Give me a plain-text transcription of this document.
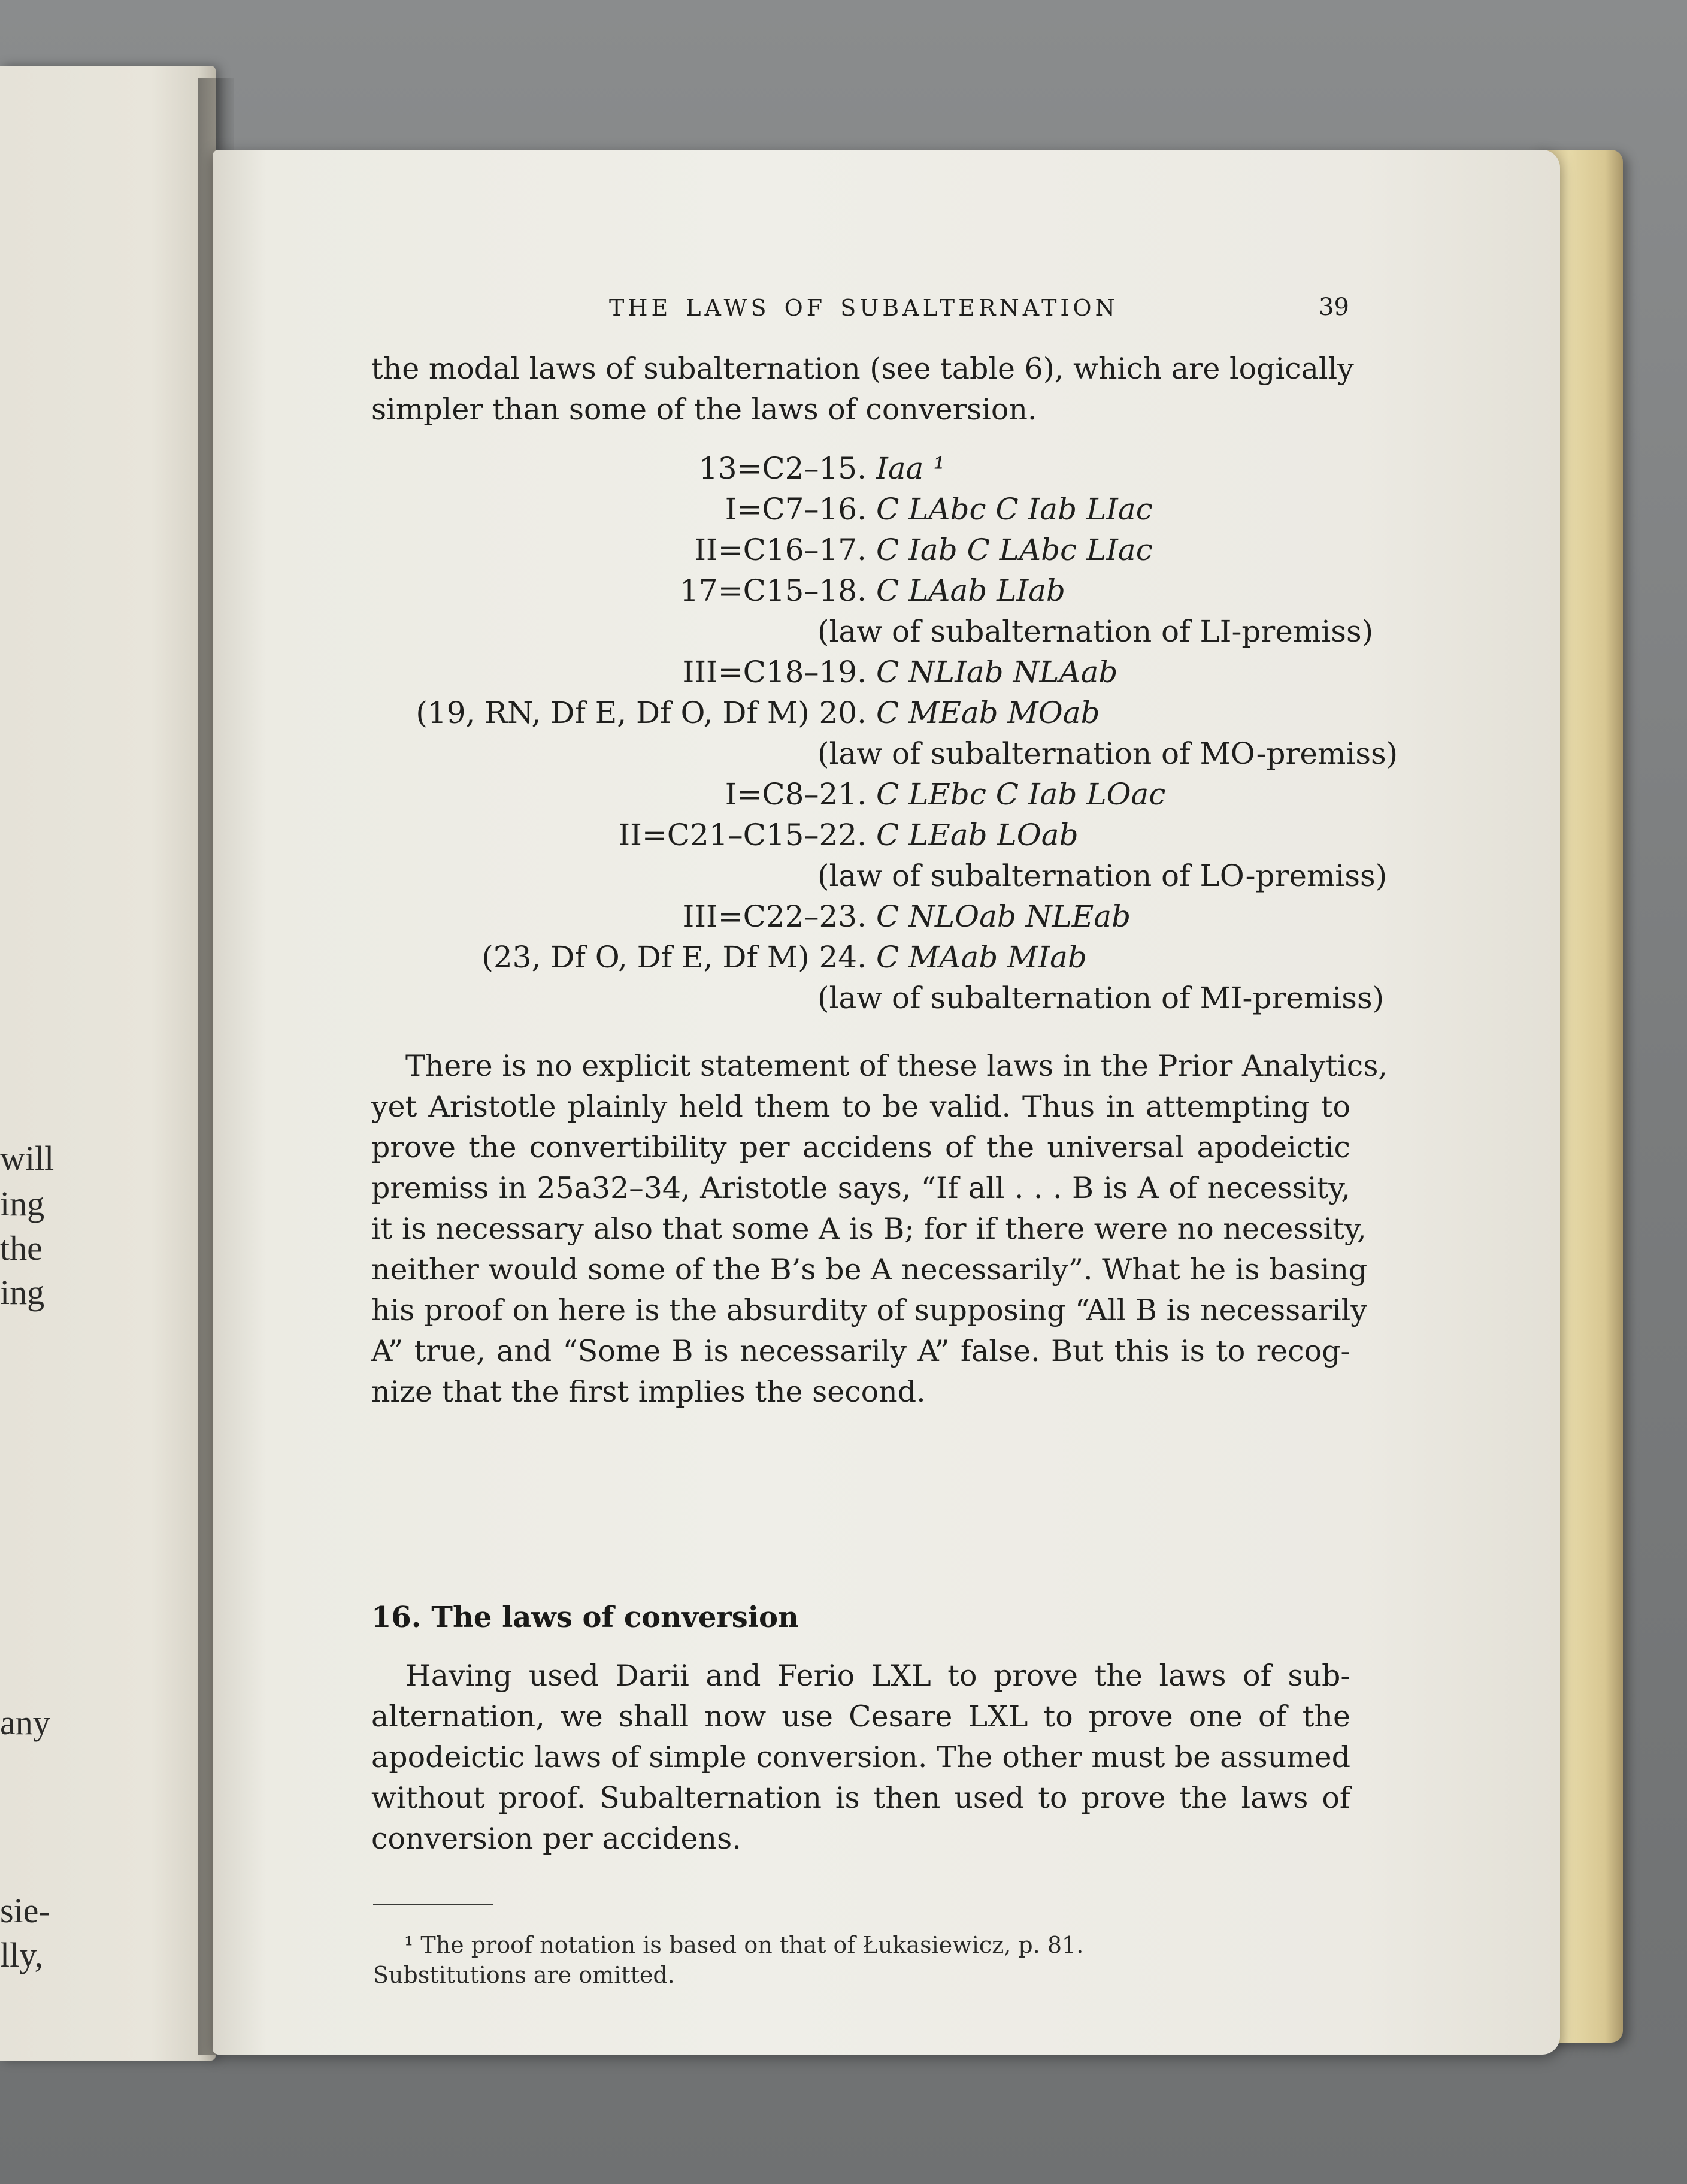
will
ing
the
ing
any
sie-
lly,
THE LAWS OF SUBALTERNATION	39
the modal laws of subalternation (see table 6), which are logically
simpler than some of the laws of conversion.
13=C2–15. Iaa ¹
I=C7–16. C LAbc C Iab LIac
II=C16–17. C Iab C LAbc LIac
17=C15–18. C LAab LIab
(law of subalternation of LI-premiss)
III=C18–19. C NLIab NLAab
(19, RN, Df E, Df O, Df M) 20. C MEab MOab
(law of subalternation of MO-premiss)
I=C8–21. C LEbc C Iab LOac
II=C21–C15–22. C LEab LOab
(law of subalternation of LO-premiss)
III=C22–23. C NLOab NLEab
(23, Df O, Df E, Df M) 24. C MAab MIab
(law of subalternation of MI-premiss)
There is no explicit statement of these laws in the Prior Analytics,
yet Aristotle plainly held them to be valid. Thus in attempting to
prove the convertibility per accidens of the universal apodeictic
premiss in 25a32–34, Aristotle says, “If all . . . B is A of necessity,
it is necessary also that some A is B; for if there were no necessity,
neither would some of the B’s be A necessarily”. What he is basing
his proof on here is the absurdity of supposing “All B is necessarily
A” true, and “Some B is necessarily A” false. But this is to recog-
nize that the first implies the second.
16. The laws of conversion
Having used Darii and Ferio LXL to prove the laws of sub-
alternation, we shall now use Cesare LXL to prove one of the
apodeictic laws of simple conversion. The other must be assumed
without proof. Subalternation is then used to prove the laws of
conversion per accidens.
¹ The proof notation is based on that of Łukasiewicz, p. 81.
Substitutions are omitted.
